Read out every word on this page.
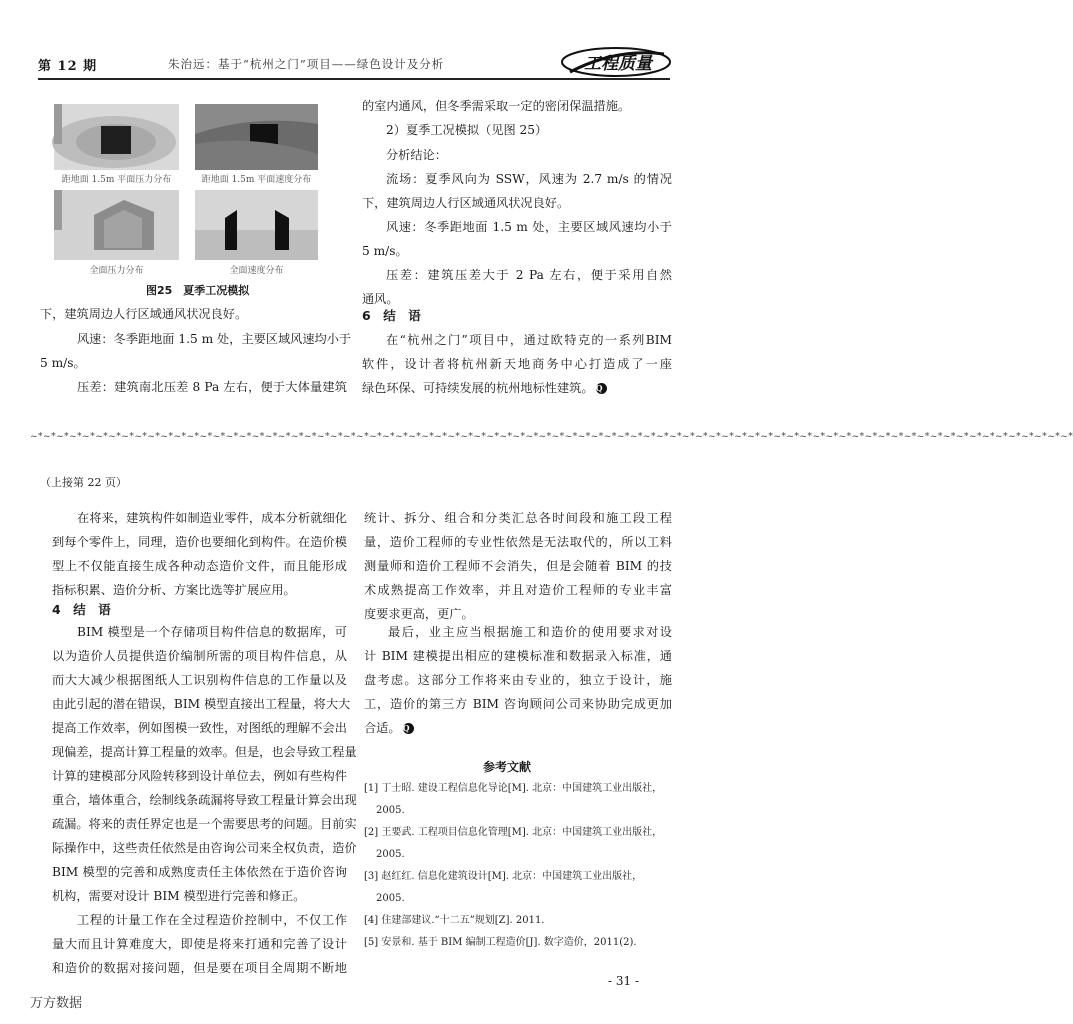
第 12 期	朱治远：基于“杭州之门”项目——绿色设计及分析	工程质量
距地面 1.5m 平面压力分布	距地面 1.5m 平面速度分布
全面压力分布	全面速度分布
图25　夏季工况模拟
下，建筑周边人行区域通风状况良好。
风速：冬季距地面 1.5 m 处，主要区域风速均小于
5 m/s。
压差：建筑南北压差 8 Pa 左右，便于大体量建筑
的室内通风，但冬季需采取一定的密闭保温措施。
2）夏季工况模拟（见图 25）
分析结论：
流场：夏季风向为 SSW，风速为 2.7 m/s 的情况
下，建筑周边人行区域通风状况良好。
风速：冬季距地面 1.5 m 处，主要区域风速均小于
5 m/s。
压差：建筑压差大于 2 Pa 左右，便于采用自然
通风。
6　结　语
在“杭州之门”项目中，通过欧特克的一系列BIM
软件，设计者将杭州新天地商务中心打造成了一座
绿色环保、可持续发展的杭州地标性建筑。 Q
~*~*~*~*~*~*~*~*~*~*~*~*~*~*~*~*~*~*~*~*~*~*~*~*~*~*~*~*~*~*~*~*~*~*~*~*~*~*~*~*~*~*~*~*~*~*~*~*~*~*~*~*~*~*~*~*~*~*~*~*~*~*~*~*~*~*~*~*~*~*~*~*~*~*~*~*~*~*~*~*
（上接第 22 页）
在将来，建筑构件如制造业零件，成本分析就细化
到每个零件上，同理，造价也要细化到构件。在造价模
型上不仅能直接生成各种动态造价文件，而且能形成
指标积累、造价分析、方案比选等扩展应用。
4　结　语
BIM 模型是一个存储项目构件信息的数据库，可
以为造价人员提供造价编制所需的项目构件信息，从
而大大减少根据图纸人工识别构件信息的工作量以及
由此引起的潜在错误，BIM 模型直接出工程量，将大大
提高工作效率，例如图模一致性，对图纸的理解不会出
现偏差，提高计算工程量的效率。但是，也会导致工程量
计算的建模部分风险转移到设计单位去，例如有些构件
重合，墙体重合，绘制线条疏漏将导致工程量计算会出现
疏漏。将来的责任界定也是一个需要思考的问题。目前实
际操作中，这些责任依然是由咨询公司来全权负责，造价
BIM 模型的完善和成熟度责任主体依然在于造价咨询
机构，需要对设计 BIM 模型进行完善和修正。
工程的计量工作在全过程造价控制中，不仅工作
量大而且计算难度大，即使是将来打通和完善了设计
和造价的数据对接问题，但是要在项目全周期不断地
统计、拆分、组合和分类汇总各时间段和施工段工程
量，造价工程师的专业性依然是无法取代的，所以工料
测量师和造价工程师不会消失，但是会随着 BIM 的技
术成熟提高工作效率，并且对造价工程师的专业丰富
度要求更高，更广。
最后，业主应当根据施工和造价的使用要求对设
计 BIM 建模提出相应的建模标准和数据录入标准，通
盘考虑。这部分工作将来由专业的，独立于设计，施
工，造价的第三方 BIM 咨询顾问公司来协助完成更加
合适。 Q
参考文献
[1] 丁士昭. 建设工程信息化导论[M]. 北京：中国建筑工业出版社，
2005.
[2] 王要武. 工程项目信息化管理[M]. 北京：中国建筑工业出版社，
2005.
[3] 赵红红. 信息化建筑设计[M]. 北京：中国建筑工业出版社，
2005.
[4] 住建部建议.“十二五”规划[Z]. 2011.
[5] 安景和. 基于 BIM 编制工程造价[J]. 数字造价，2011(2).
- 31 -
万方数据
